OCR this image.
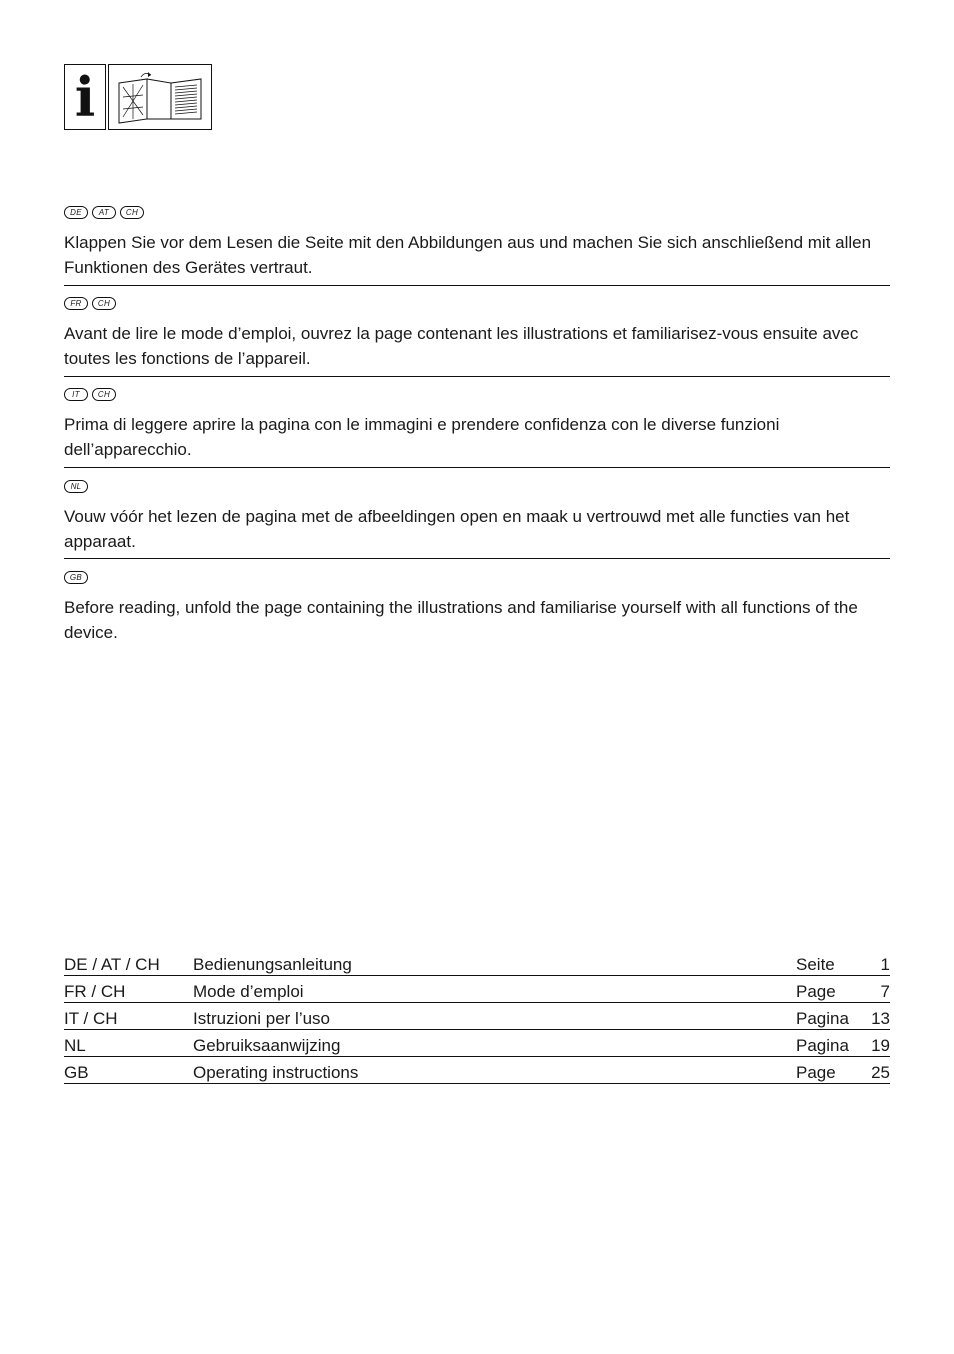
i
DE	AT	CH
Klappen Sie vor dem Lesen die Seite mit den Abbildungen aus und machen Sie sich anschließend mit allen Funktionen des Gerätes vertraut.
FR	CH
Avant de lire le mode d’emploi, ouvrez la page contenant les illustrations et familiarisez-vous ensuite avec toutes les fonctions de l’appareil.
IT	CH
Prima di leggere aprire la pagina con le immagini e prendere confidenza con le diverse funzioni dell’apparecchio.
NL
Vouw vóór het lezen de pagina met de afbeeldingen open en maak u vertrouwd met alle functies van het apparaat.
GB
Before reading, unfold the page containing the illustrations and familiarise yourself with all functions of the device.
DE / AT / CH	Bedienungsanleitung	Seite	1
FR / CH	Mode d’emploi	Page	7
IT / CH	Istruzioni per l’uso	Pagina	13
NL	Gebruiksaanwijzing	Pagina	19
GB	Operating instructions	Page	25
